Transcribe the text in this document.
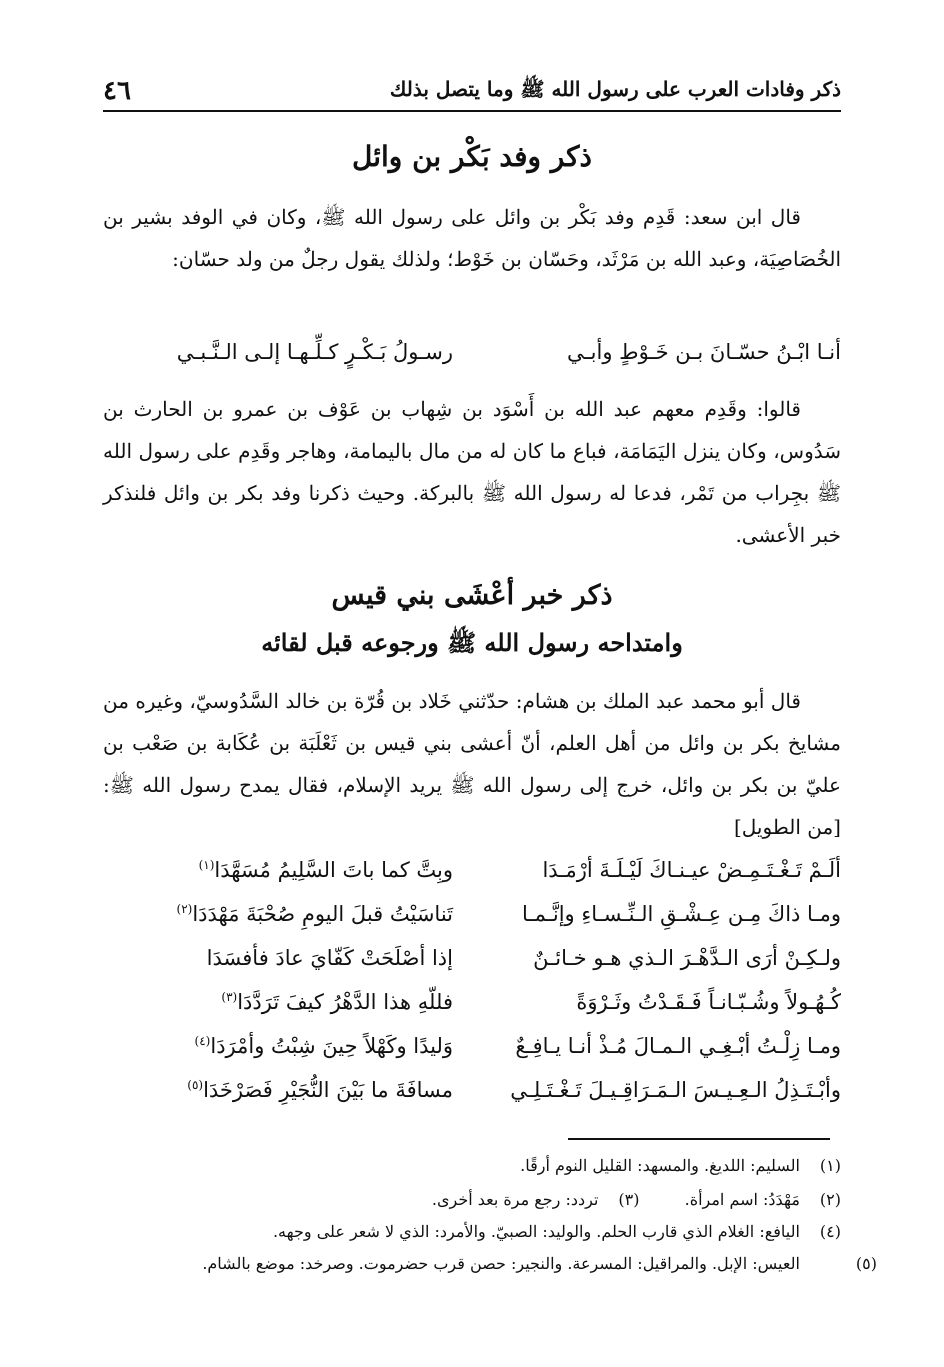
ذكر وفادات العرب على رسول الله ﷺ وما يتصل بذلك
٤٦
ذكر وفد بَكْر بن وائل
قال ابن سعد: قَدِم وفد بَكْر بن وائل على رسول الله ﷺ، وكان في الوفد بشير بن الخُصَاصِيَة، وعبد الله بن مَرْثَد، وحَسّان بن خَوْط؛ ولذلك يقول رجلٌ من ولد حسّان:
أنـا ابْـنُ حسّـانَ بـن خَـوْطٍ وأبـي
رسـولُ بَـكْـرٍ كـلِّـهـا إلـى الـنَّـبـي
قالوا: وقَدِم معهم عبد الله بن أَسْوَد بن شِهاب بن عَوْف بن عمرو بن الحارث بن سَدُوس، وكان ينزل اليَمَامَة، فباع ما كان له من مال باليمامة، وهاجر وقَدِم على رسول الله ﷺ بجِراب من تَمْر، فدعا له رسول الله ﷺ بالبركة. وحيث ذكرنا وفد بكر بن وائل فلنذكر خبر الأعشى.
ذكر خبر أعْشَى بني قيس
وامتداحه رسول الله ﷺ ورجوعه قبل لقائه
قال أبو محمد عبد الملك بن هشام: حدّثني خَلاد بن قُرّة بن خالد السَّدُوسيّ، وغيره من مشايخ بكر بن وائل من أهل العلم، أنّ أعشى بني قيس بن ثَعْلَبَة بن عُكَابة بن صَعْب بن عليّ بن بكر بن وائل، خرج إلى رسول الله ﷺ يريد الإسلام، فقال يمدح رسول الله ﷺ: [من الطويل]
ألَـمْ تَـغْـتَـمِـضْ عيـنـاكَ لَيْـلَـةَ أرْمَـدَا
وبِتَّ كما باتَ السَّلِيمُ مُسَهَّدَا$^{(١)}$
ومـا ذاكَ مِـن عِـشْـقِ الـنِّـسـاءِ وإنَّـمـا
تَناسَيْتُ قبلَ اليومِ صُحْبَةَ مَهْدَدَا$^{(٢)}$
ولـكِـنْ أرَى الـدَّهْـرَ الـذي هـو خـائـنٌ
إذا أصْلَحَتْ كَفّايَ عادَ فأفسَدَا
كُـهُـولاً وشُـبّـانـاً فَـقَـدْتُ وثَـرْوَةً
فللّهِ هذا الدَّهْرُ كيفَ تَرَدَّدَا$^{(٣)}$
ومـا زِلْـتُ أبْـغِـي الـمـالَ مُـذْ أنـا يـافِـعٌ
وَليدًا وكَهْلاً حِينَ شِبْتُ وأمْرَدَا$^{(٤)}$
وأبْـتَـذِلُ الـعِـيـسَ الـمَـرَاقِـيـلَ تَـغْـتَـلِـي
مسافَةَ ما بَيْنَ النُّجَيْرِ فَصَرْخَدَا$^{(٥)}$
(١) السليم: اللديغ. والمسهد: القليل النوم أرقًا.
(٢) مَهْدَدُ: اسم امرأة. (٣) تردد: رجع مرة بعد أخرى.
(٤) اليافع: الغلام الذي قارب الحلم. والوليد: الصبيّ. والأمرد: الذي لا شعر على وجهه.
(٥) العيس: الإبل. والمراقيل: المسرعة. والنجير: حصن قرب حضرموت. وصرخد: موضع بالشام.
